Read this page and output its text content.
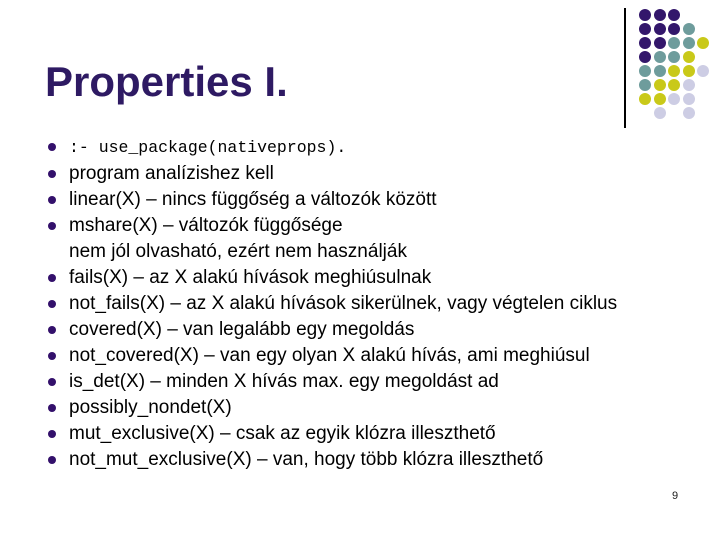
Properties I.
:- use_package(nativeprops).
program analízishez kell
linear(X) – nincs függőség a változók között
mshare(X) – változók függősége
nem jól olvasható, ezért nem használják
fails(X) – az X alakú hívások meghiúsulnak
not_fails(X) – az X alakú hívások sikerülnek, vagy végtelen ciklus
covered(X) – van legalább egy megoldás
not_covered(X) – van egy olyan X alakú hívás, ami meghiúsul
is_det(X) – minden X hívás max. egy megoldást ad
possibly_nondet(X)
mut_exclusive(X) – csak az egyik klózra illeszthető
not_mut_exclusive(X) – van, hogy több klózra illeszthető
9
